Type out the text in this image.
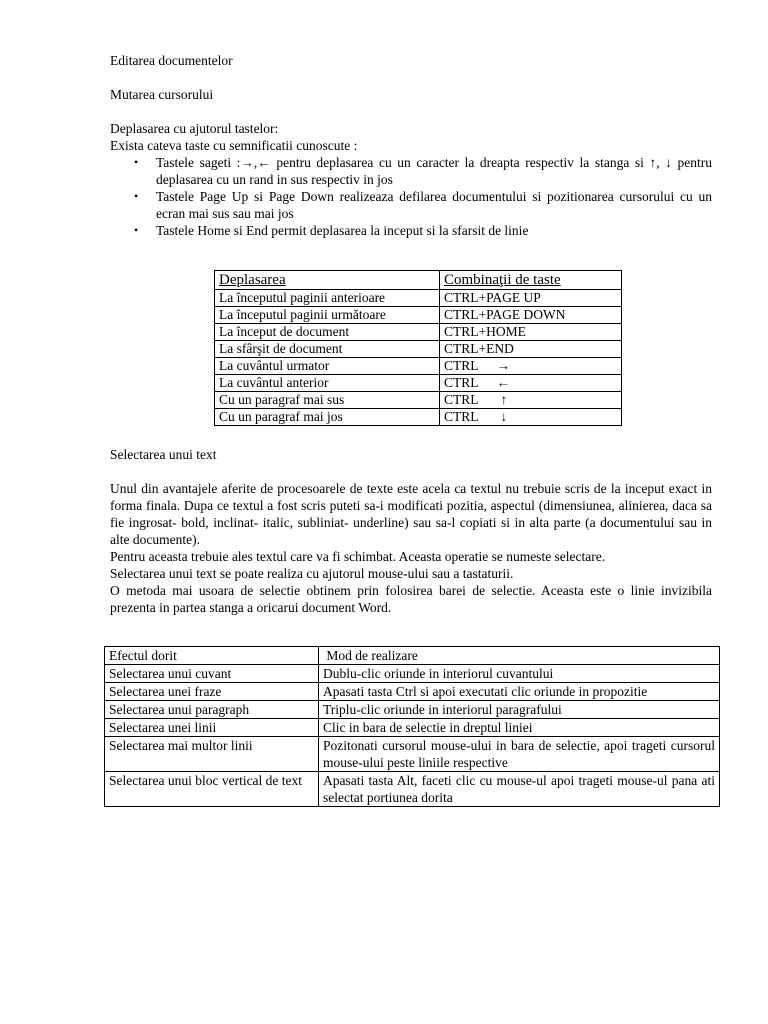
Editarea documentelor

Mutarea cursorului

Deplasarea cu ajutorul tastelor:

Exista cateva taste cu semnificatii cunoscute :

• Tastele sageti :→,← pentru deplasarea cu un caracter la dreapta respectiv la stanga si ↑, ↓ pentru deplasarea cu un rand in sus respectiv in jos
• Tastele Page Up si Page Down realizeaza defilarea documentului si pozitionarea cursorului cu un ecran mai sus sau mai jos
• Tastele Home si End permit deplasarea la inceput si la sfarsit de linie
Deplasarea	Combinaţii de taste
La începutul paginii anterioare	CTRL+PAGE UP
La începutul paginii următoare	CTRL+PAGE DOWN
La început de document	CTRL+HOME
La sfârşit de document	CTRL+END
La cuvântul urmator	CTRL →
La cuvântul anterior	CTRL ←
Cu un paragraf mai sus	CTRL ↑
Cu un paragraf mai jos	CTRL ↓

Selectarea unui text

Unul din avantajele aferite de procesoarele de texte este acela ca textul nu trebuie scris de la inceput exact in forma finala. Dupa ce textul a fost scris puteti sa-i modificati pozitia, aspectul (dimensiunea, alinierea, daca sa fie ingrosat- bold, inclinat- italic, subliniat- underline) sau sa-l copiati si in alta parte (a documentului sau in alte documente).

Pentru aceasta trebuie ales textul care va fi schimbat. Aceasta operatie se numeste selectare.

Selectarea unui text se poate realiza cu ajutorul mouse-ului sau a tastaturii.

O metoda mai usoara de selectie obtinem prin folosirea barei de selectie. Aceasta este o linie invizibila prezenta in partea stanga a oricarui document Word.

Efectul dorit	Mod de realizare
Selectarea unui cuvant	Dublu-clic oriunde in interiorul cuvantului
Selectarea unei fraze	Apasati tasta Ctrl si apoi executati clic oriunde in propozitie
Selectarea unui paragraph	Triplu-clic oriunde in interiorul paragrafului
Selectarea unei linii	Clic in bara de selectie in dreptul liniei
Selectarea mai multor linii	Pozitonati cursorul mouse-ului in bara de selectie, apoi trageti cursorul mouse-ului peste liniile respective
Selectarea unui bloc vertical de text	Apasati tasta Alt, faceti clic cu mouse-ul apoi trageti mouse-ul pana ati selectat portiunea dorita
